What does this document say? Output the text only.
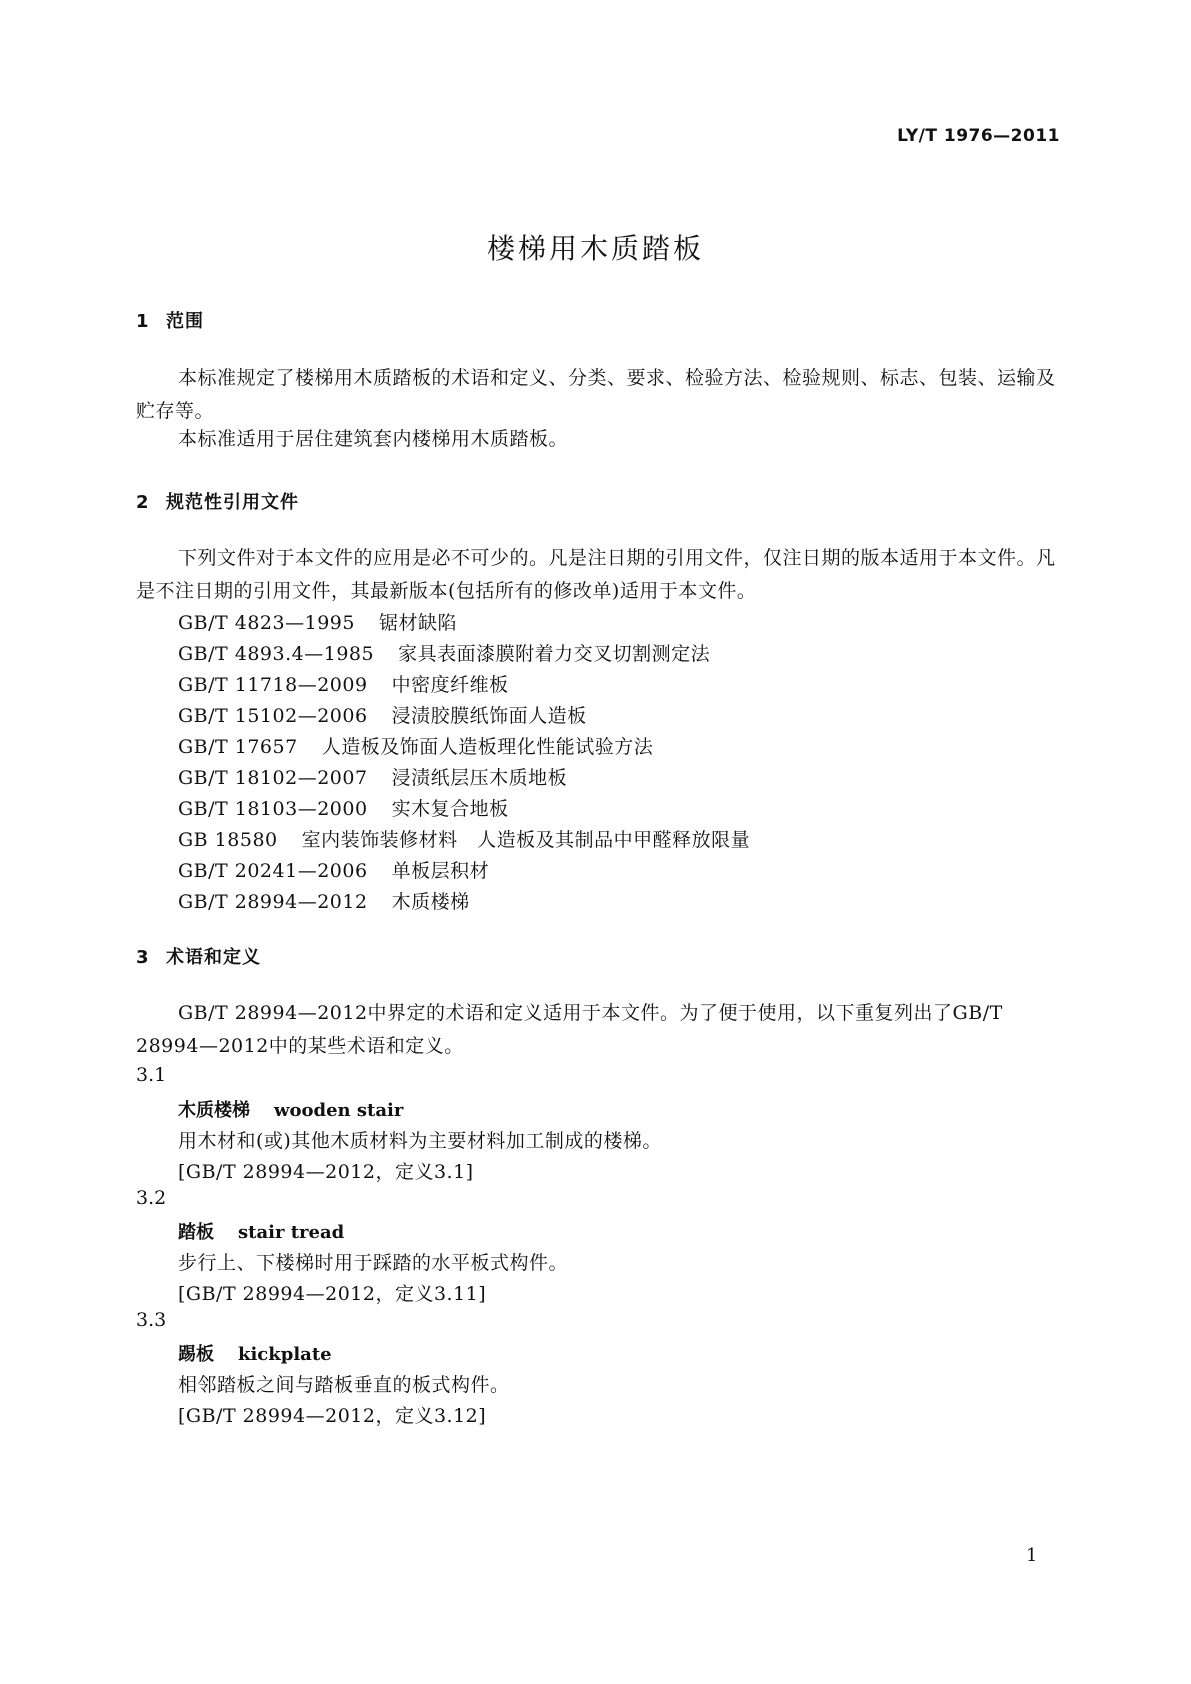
LY/T 1976—2011
楼梯用木质踏板
1 范围
本标准规定了楼梯用木质踏板的术语和定义、分类、要求、检验方法、检验规则、标志、包装、运输及贮存等。
本标准适用于居住建筑套内楼梯用木质踏板。
2 规范性引用文件
下列文件对于本文件的应用是必不可少的。凡是注日期的引用文件，仅注日期的版本适用于本文件。凡是不注日期的引用文件，其最新版本(包括所有的修改单)适用于本文件。
GB/T 4823—1995 锯材缺陷
GB/T 4893.4—1985 家具表面漆膜附着力交叉切割测定法
GB/T 11718—2009 中密度纤维板
GB/T 15102—2006 浸渍胶膜纸饰面人造板
GB/T 17657 人造板及饰面人造板理化性能试验方法
GB/T 18102—2007 浸渍纸层压木质地板
GB/T 18103—2000 实木复合地板
GB 18580 室内装饰装修材料　人造板及其制品中甲醛释放限量
GB/T 20241—2006 单板层积材
GB/T 28994—2012 木质楼梯
3 术语和定义
GB/T 28994—2012中界定的术语和定义适用于本文件。为了便于使用，以下重复列出了GB/T 28994—2012中的某些术语和定义。
3.1
木质楼梯 wooden stair
用木材和(或)其他木质材料为主要材料加工制成的楼梯。
[GB/T 28994—2012，定义3.1]
3.2
踏板 stair tread
步行上、下楼梯时用于踩踏的水平板式构件。
[GB/T 28994—2012，定义3.11]
3.3
踢板 kickplate
相邻踏板之间与踏板垂直的板式构件。
[GB/T 28994—2012，定义3.12]
1
